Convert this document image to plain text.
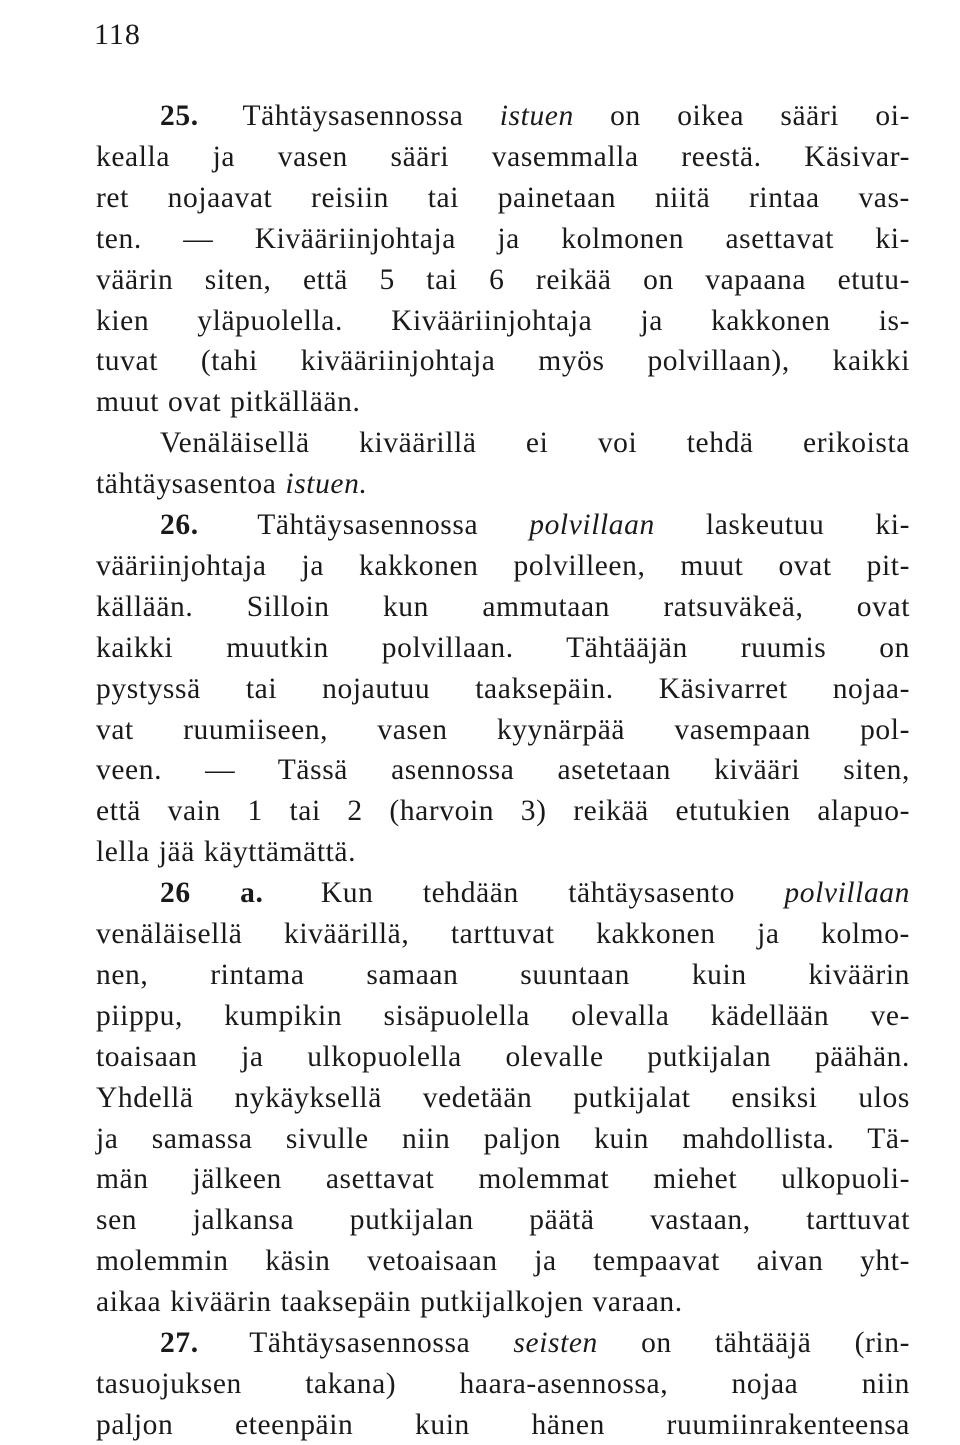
118
25. Tähtäysasennossa istuen on oikea sääri oi-
kealla ja vasen sääri vasemmalla reestä. Käsivar-
ret nojaavat reisiin tai painetaan niitä rintaa vas-
ten. — Kivääriinjohtaja ja kolmonen asettavat ki-
väärin siten, että 5 tai 6 reikää on vapaana etutu-
kien yläpuolella. Kivääriinjohtaja ja kakkonen is-
tuvat (tahi kivääriinjohtaja myös polvillaan), kaikki
muut ovat pitkällään.
Venäläisellä kiväärillä ei voi tehdä erikoista
tähtäysasentoa istuen.
26. Tähtäysasennossa polvillaan laskeutuu ki-
vääriinjohtaja ja kakkonen polvilleen, muut ovat pit-
källään. Silloin kun ammutaan ratsuväkeä, ovat
kaikki muutkin polvillaan. Tähtääjän ruumis on
pystyssä tai nojautuu taaksepäin. Käsivarret nojaa-
vat ruumiiseen, vasen kyynärpää vasempaan pol-
veen. — Tässä asennossa asetetaan kivääri siten,
että vain 1 tai 2 (harvoin 3) reikää etutukien alapuo-
lella jää käyttämättä.
26 a. Kun tehdään tähtäysasento polvillaan
venäläisellä kiväärillä, tarttuvat kakkonen ja kolmo-
nen, rintama samaan suuntaan kuin kiväärin
piippu, kumpikin sisäpuolella olevalla kädellään ve-
toaisaan ja ulkopuolella olevalle putkijalan päähän.
Yhdellä nykäyksellä vedetään putkijalat ensiksi ulos
ja samassa sivulle niin paljon kuin mahdollista. Tä-
män jälkeen asettavat molemmat miehet ulkopuoli-
sen jalkansa putkijalan päätä vastaan, tarttuvat
molemmin käsin vetoaisaan ja tempaavat aivan yht-
aikaa kiväärin taaksepäin putkijalkojen varaan.
27. Tähtäysasennossa seisten on tähtääjä (rin-
tasuojuksen takana) haara-asennossa, nojaa niin
paljon eteenpäin kuin hänen ruumiinrakenteensa
